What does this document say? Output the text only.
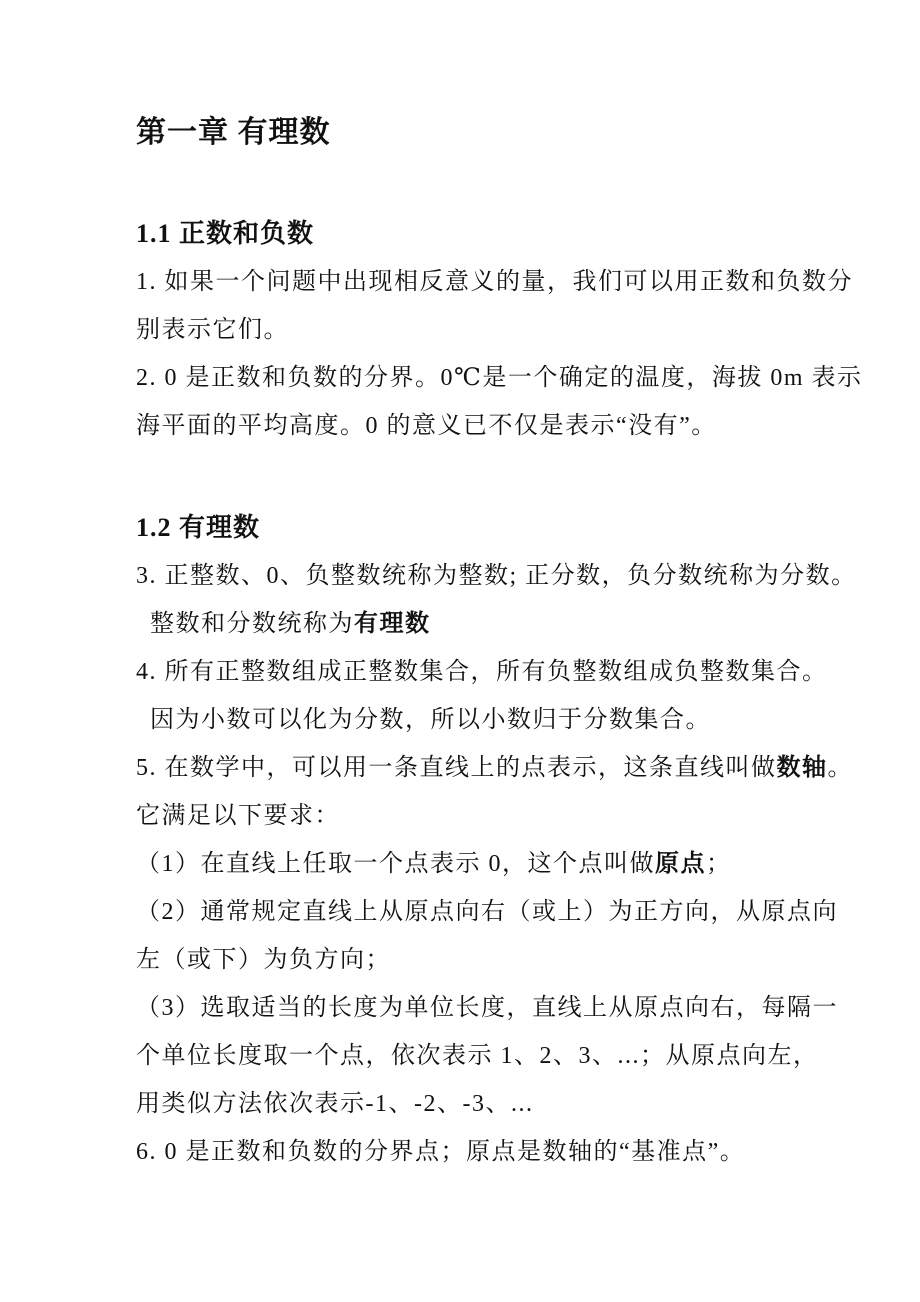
第一章 有理数
1.1 正数和负数

1. 如果一个问题中出现相反意义的量，我们可以用正数和负数分

别表示它们。

2. 0 是正数和负数的分界。0℃是一个确定的温度，海拔 0m 表示

海平面的平均高度。0 的意义已不仅是表示“没有”。

1.2 有理数

3. 正整数、0、负整数统称为整数; 正分数，负分数统称为分数。

整数和分数统称为有理数

4. 所有正整数组成正整数集合，所有负整数组成负整数集合。

因为小数可以化为分数，所以小数归于分数集合。

5. 在数学中，可以用一条直线上的点表示，这条直线叫做数轴。

它满足以下要求：

（1）在直线上任取一个点表示 0，这个点叫做原点；

（2）通常规定直线上从原点向右（或上）为正方向，从原点向

左（或下）为负方向；

（3）选取适当的长度为单位长度，直线上从原点向右，每隔一

个单位长度取一个点，依次表示 1、2、3、...；从原点向左，

用类似方法依次表示-1、-2、-3、...

6. 0 是正数和负数的分界点；原点是数轴的“基准点”。
